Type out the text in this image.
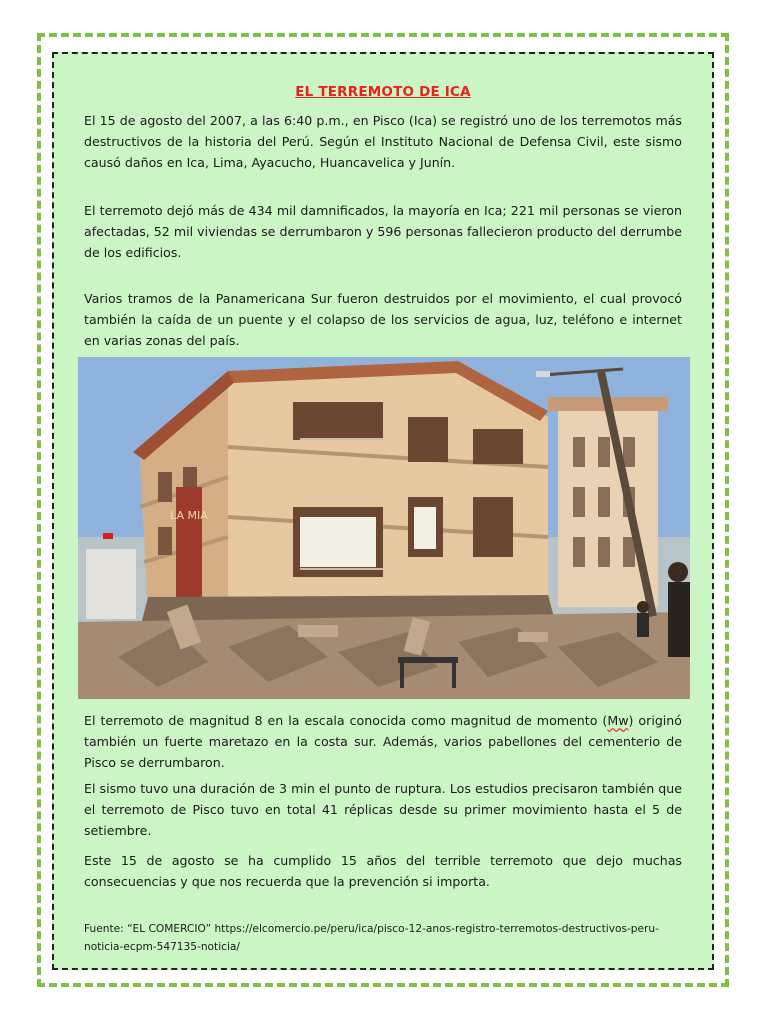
EL TERREMOTO DE ICA

El 15 de agosto del 2007, a las 6:40 p.m., en Pisco (Ica) se registró uno de los terremotos más destructivos de la historia del Perú. Según el Instituto Nacional de Defensa Civil, este sismo causó daños en Ica, Lima, Ayacucho, Huancavelica y Junín.

El terremoto dejó más de 434 mil damnificados, la mayoría en Ica; 221 mil personas se vieron afectadas, 52 mil viviendas se derrumbaron y 596 personas fallecieron producto del derrumbe de los edificios.

Varios tramos de la Panamericana Sur fueron destruidos por el movimiento, el cual provocó también la caída de un puente y el colapso de los servicios de agua, luz, teléfono e internet en varias zonas del país.

LA MIA

El terremoto de magnitud 8 en la escala conocida como magnitud de momento (Mw) originó también un fuerte maretazo en la costa sur. Además, varios pabellones del cementerio de Pisco se derrumbaron.

El sismo tuvo una duración de 3 min el punto de ruptura. Los estudios precisaron también que el terremoto de Pisco tuvo en total 41 réplicas desde su primer movimiento hasta el 5 de setiembre.

Este 15 de agosto se ha cumplido 15 años del terrible terremoto que dejo muchas consecuencias y que nos recuerda que la prevención si importa.

Fuente: “EL COMERCIO” https://elcomercio.pe/peru/ica/pisco-12-anos-registro-terremotos-destructivos-peru-noticia-ecpm-547135-noticia/
